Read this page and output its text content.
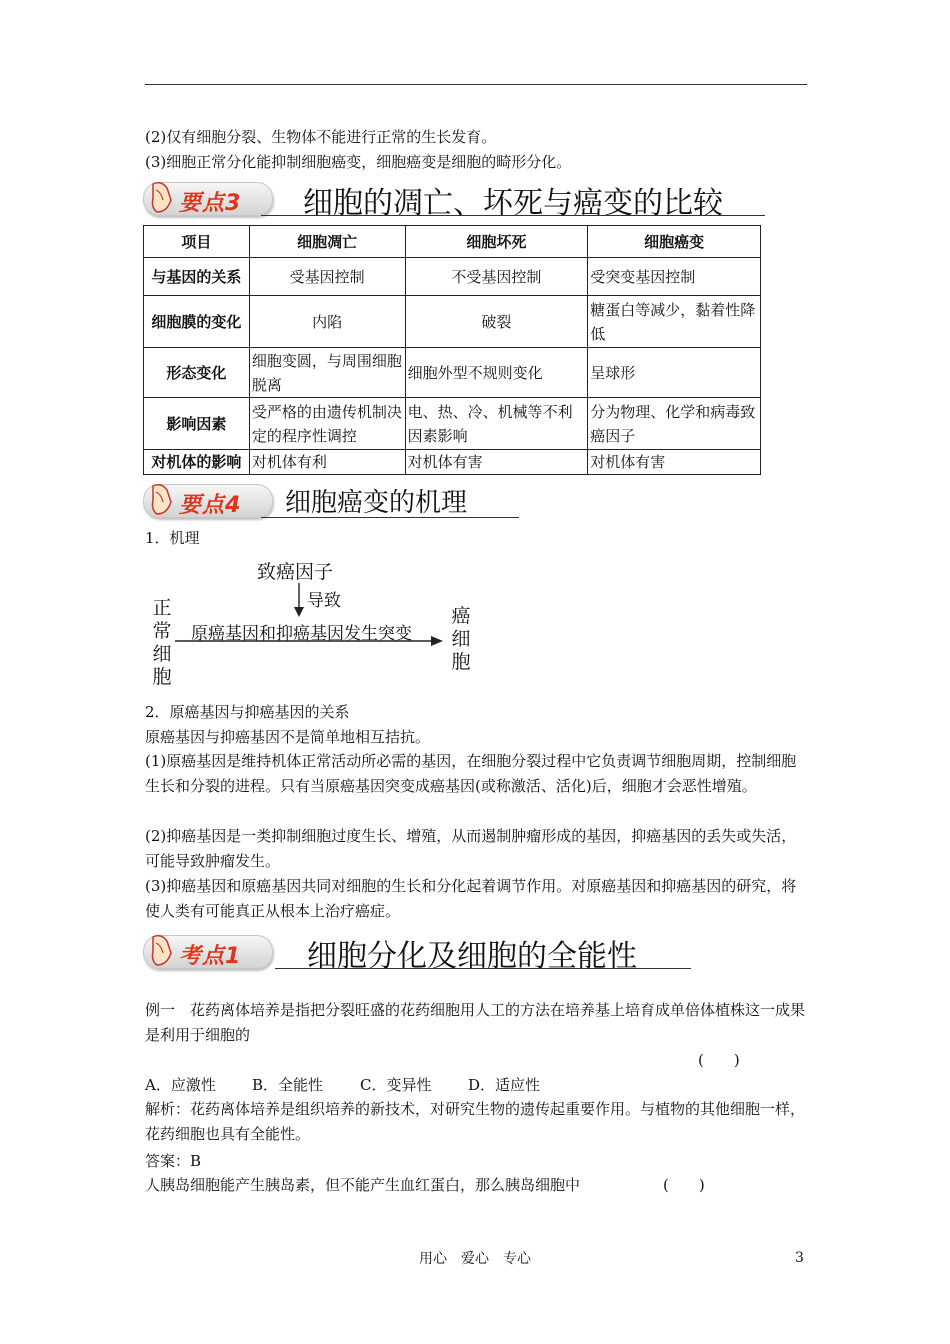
(2)仅有细胞分裂、生物体不能进行正常的生长发育。
(3)细胞正常分化能抑制细胞癌变，细胞癌变是细胞的畸形分化。
要点3 细胞的凋亡、坏死与癌变的比较
项目	细胞凋亡	细胞坏死	细胞癌变
与基因的关系	受基因控制	不受基因控制	受突变基因控制
细胞膜的变化	内陷	破裂	糖蛋白等减少，黏着性降低
形态变化	细胞变圆，与周围细胞脱离	细胞外型不规则变化	呈球形
影响因素	受严格的由遗传机制决定的程序性调控	电、热、冷、机械等不利因素影响	分为物理、化学和病毒致癌因子
对机体的影响	对机体有利	对机体有害	对机体有害
要点4 细胞癌变的机理
1．机理
致癌因子
导致
正
常
细
胞
原癌基因和抑癌基因发生突变
癌
细
胞
2．原癌基因与抑癌基因的关系
原癌基因与抑癌基因不是简单地相互拮抗。
(1)原癌基因是维持机体正常活动所必需的基因，在细胞分裂过程中它负责调节细胞周期，控制细胞生长和分裂的进程。只有当原癌基因突变成癌基因(或称激活、活化)后，细胞才会恶性增殖。
(2)抑癌基因是一类抑制细胞过度生长、增殖，从而遏制肿瘤形成的基因，抑癌基因的丢失或失活，可能导致肿瘤发生。
(3)抑癌基因和原癌基因共同对细胞的生长和分化起着调节作用。对原癌基因和抑癌基因的研究，将使人类有可能真正从根本上治疗癌症。
考点1 细胞分化及细胞的全能性
例一　花药离体培养是指把分裂旺盛的花药细胞用人工的方法在培养基上培育成单倍体植株这一成果是利用于细胞的
(　　)
A．应激性 B．全能性 C．变异性 D．适应性
解析：花药离体培养是组织培养的新技术，对研究生物的遗传起重要作用。与植物的其他细胞一样，花药细胞也具有全能性。
答案：B
人胰岛细胞能产生胰岛素，但不能产生血红蛋白，那么胰岛细胞中	(　　)
用心　爱心　专心	3
